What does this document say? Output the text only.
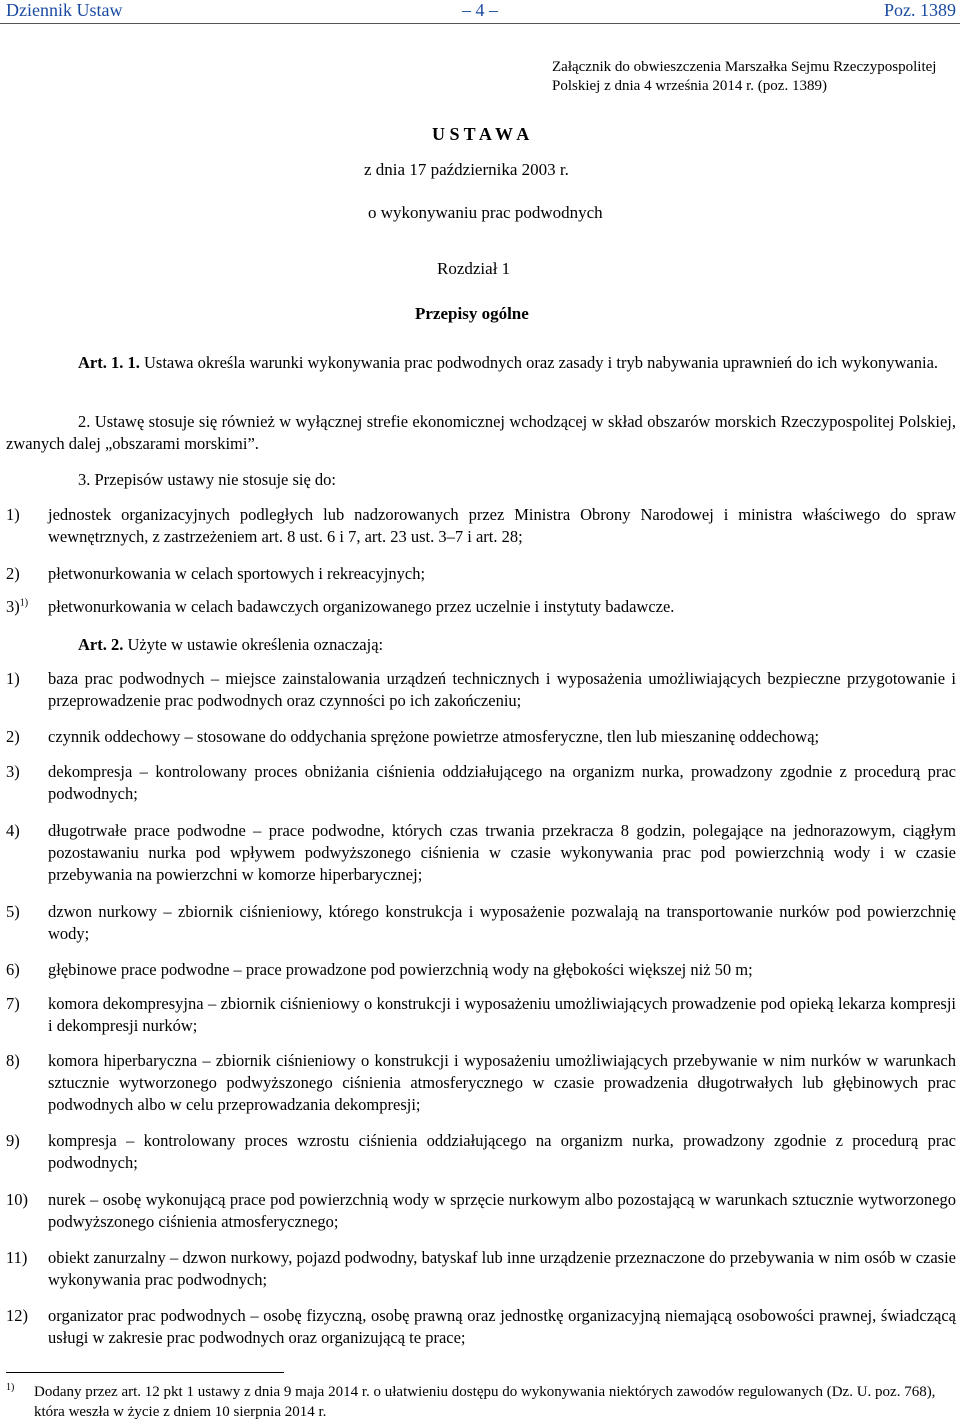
Dziennik Ustaw	– 4 –	Poz. 1389
Załącznik do obwieszczenia Marszałka Sejmu Rzeczypospolitej
Polskiej z dnia 4 września 2014 r. (poz. 1389)
U S T A W A
z dnia 17 października 2003 r.
o wykonywaniu prac podwodnych
Rozdział 1
Przepisy ogólne
Art. 1. 1. Ustawa określa warunki wykonywania prac podwodnych oraz zasady i tryb nabywania uprawnień do ich wykonywania.
2. Ustawę stosuje się również w wyłącznej strefie ekonomicznej wchodzącej w skład obszarów morskich Rzeczypospolitej Polskiej, zwanych dalej „obszarami morskimi”.
3. Przepisów ustawy nie stosuje się do:
1) jednostek organizacyjnych podległych lub nadzorowanych przez Ministra Obrony Narodowej i ministra właściwego do spraw wewnętrznych, z zastrzeżeniem art. 8 ust. 6 i 7, art. 23 ust. 3–7 i art. 28;
2) płetwonurkowania w celach sportowych i rekreacyjnych;
3)$^{1)}$ płetwonurkowania w celach badawczych organizowanego przez uczelnie i instytuty badawcze.
Art. 2. Użyte w ustawie określenia oznaczają:
1) baza prac podwodnych – miejsce zainstalowania urządzeń technicznych i wyposażenia umożliwiających bezpieczne przygotowanie i przeprowadzenie prac podwodnych oraz czynności po ich zakończeniu;
2) czynnik oddechowy – stosowane do oddychania sprężone powietrze atmosferyczne, tlen lub mieszaninę oddechową;
3) dekompresja – kontrolowany proces obniżania ciśnienia oddziałującego na organizm nurka, prowadzony zgodnie z procedurą prac podwodnych;
4) długotrwałe prace podwodne – prace podwodne, których czas trwania przekracza 8 godzin, polegające na jednorazowym, ciągłym pozostawaniu nurka pod wpływem podwyższonego ciśnienia w czasie wykonywania prac pod powierzchnią wody i w czasie przebywania na powierzchni w komorze hiperbarycznej;
5) dzwon nurkowy – zbiornik ciśnieniowy, którego konstrukcja i wyposażenie pozwalają na transportowanie nurków pod powierzchnię wody;
6) głębinowe prace podwodne – prace prowadzone pod powierzchnią wody na głębokości większej niż 50 m;
7) komora dekompresyjna – zbiornik ciśnieniowy o konstrukcji i wyposażeniu umożliwiających prowadzenie pod opieką lekarza kompresji i dekompresji nurków;
8) komora hiperbaryczna – zbiornik ciśnieniowy o konstrukcji i wyposażeniu umożliwiających przebywanie w nim nurków w warunkach sztucznie wytworzonego podwyższonego ciśnienia atmosferycznego w czasie prowadzenia długotrwałych lub głębinowych prac podwodnych albo w celu przeprowadzania dekompresji;
9) kompresja – kontrolowany proces wzrostu ciśnienia oddziałującego na organizm nurka, prowadzony zgodnie z procedurą prac podwodnych;
10) nurek – osobę wykonującą prace pod powierzchnią wody w sprzęcie nurkowym albo pozostającą w warunkach sztucznie wytworzonego podwyższonego ciśnienia atmosferycznego;
11) obiekt zanurzalny – dzwon nurkowy, pojazd podwodny, batyskaf lub inne urządzenie przeznaczone do przebywania w nim osób w czasie wykonywania prac podwodnych;
12) organizator prac podwodnych – osobę fizyczną, osobę prawną oraz jednostkę organizacyjną niemającą osobowości prawnej, świadczącą usługi w zakresie prac podwodnych oraz organizującą te prace;
1) Dodany przez art. 12 pkt 1 ustawy z dnia 9 maja 2014 r. o ułatwieniu dostępu do wykonywania niektórych zawodów regulowanych (Dz. U. poz. 768), która weszła w życie z dniem 10 sierpnia 2014 r.
